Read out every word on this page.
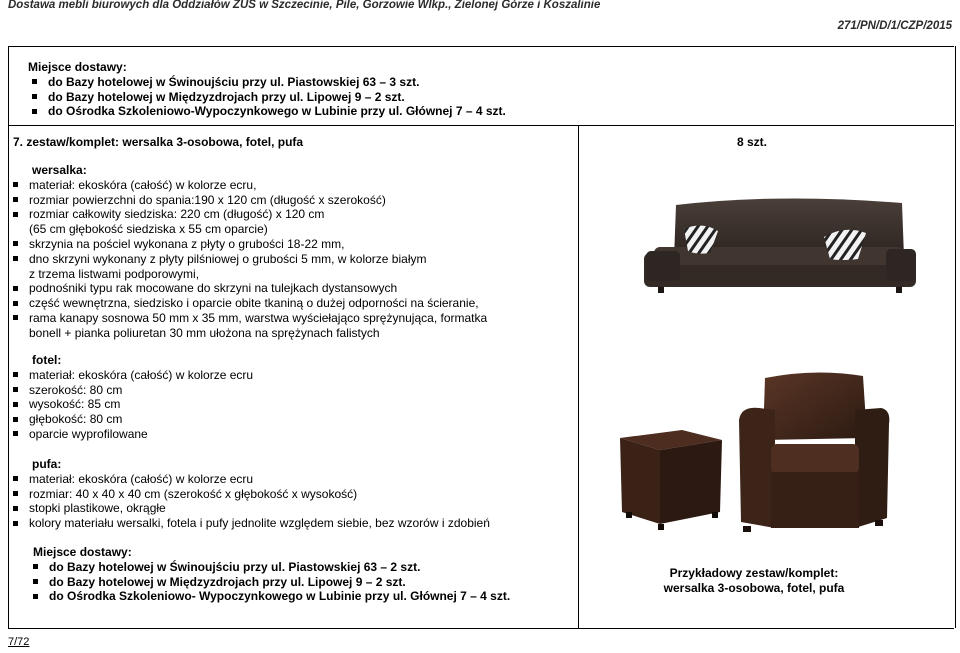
Dostawa mebli biurowych dla Oddziałów ZUS w Szczecinie, Pile, Gorzowie Wlkp., Zielonej Górze i Koszalinie
271/PN/D/1/CZP/2015
Miejsce dostawy:
do Bazy hotelowej w Świnoujściu przy ul. Piastowskiej 63 – 3 szt.
do Bazy hotelowej w Międzyzdrojach przy ul. Lipowej 9 – 2 szt.
do Ośrodka Szkoleniowo-Wypoczynkowego w Lubinie przy ul. Głównej 7 – 4 szt.
7. zestaw/komplet: wersalka 3-osobowa, fotel, pufa	8 szt.
wersalka:
materiał: ekoskóra (całość) w kolorze ecru,
rozmiar powierzchni do spania:190 x 120 cm (długość x szerokość)
rozmiar całkowity siedziska: 220 cm (długość) x 120 cm
(65 cm głębokość siedziska x 55 cm oparcie)
skrzynia na pościel wykonana z płyty o grubości 18-22 mm,
dno skrzyni wykonany z płyty pilśniowej o grubości 5 mm, w kolorze białym
z trzema listwami podporowymi,
podnośniki typu rak mocowane do skrzyni na tulejkach dystansowych
część wewnętrzna, siedzisko i oparcie obite tkaniną o dużej odporności na ścieranie,
rama kanapy sosnowa 50 mm x 35 mm, warstwa wyściełająco sprężynująca, formatka
bonell + pianka poliuretan 30 mm ułożona na sprężynach falistych
fotel:
materiał: ekoskóra (całość) w kolorze ecru
szerokość: 80 cm
wysokość: 85 cm
głębokość: 80 cm
oparcie wyprofilowane
pufa:
materiał: ekoskóra (całość) w kolorze ecru
rozmiar: 40 x 40 x 40 cm (szerokość x głębokość x wysokość)
stopki plastikowe, okrągłe
kolory materiału wersalki, fotela i pufy jednolite względem siebie, bez wzorów i zdobień
Miejsce dostawy:
do Bazy hotelowej w Świnoujściu przy ul. Piastowskiej 63 – 2 szt.
do Bazy hotelowej w Międzyzdrojach przy ul. Lipowej 9 – 2 szt.
do Ośrodka Szkoleniowo- Wypoczynkowego w Lubinie przy ul. Głównej 7 – 4 szt.
Przykładowy zestaw/komplet:
wersalka 3-osobowa, fotel, pufa
7/72
